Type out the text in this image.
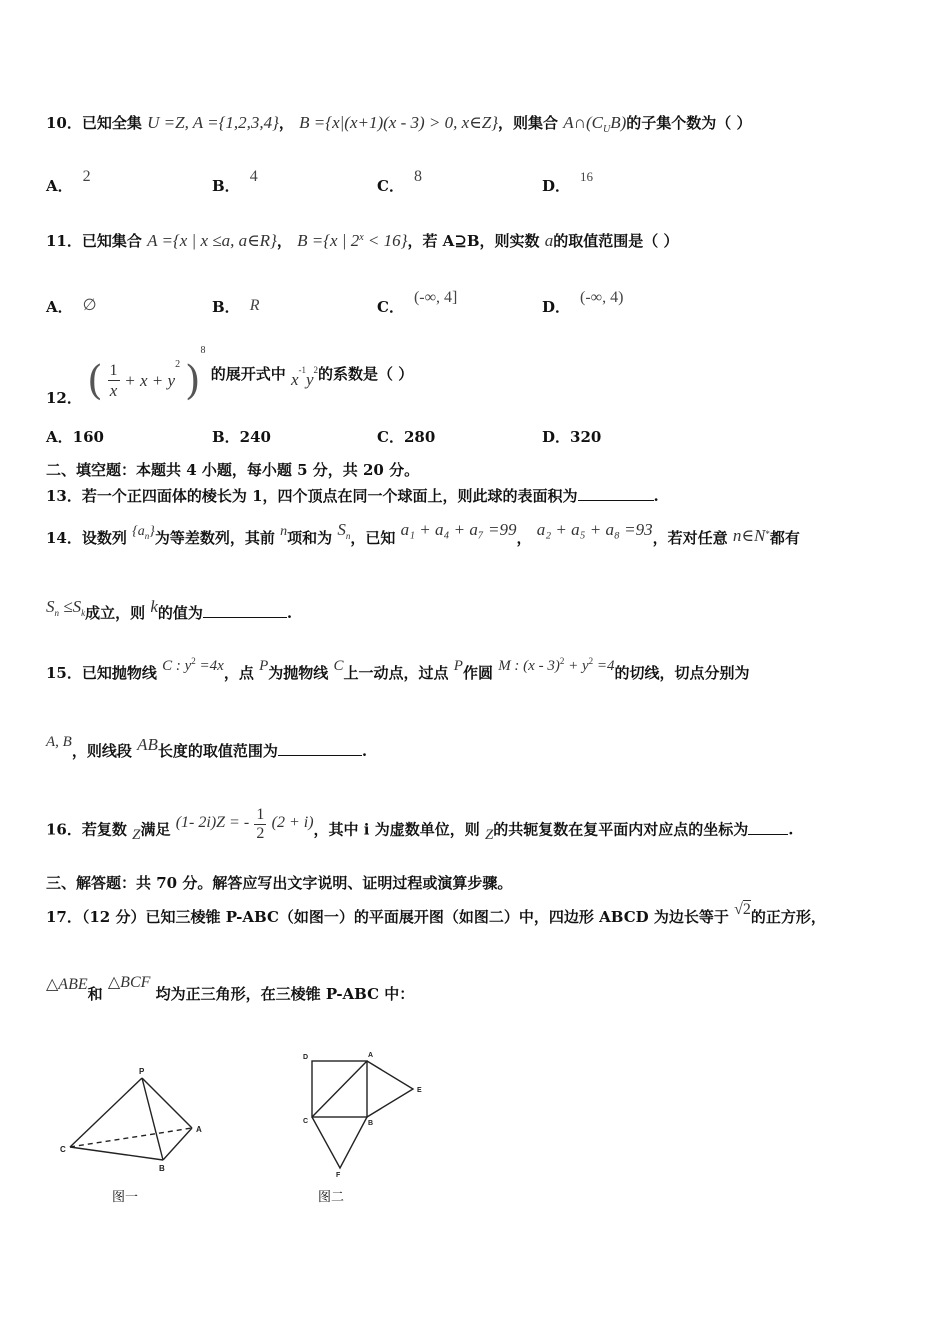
10．已知全集 U =Z, A ={1,2,3,4}， B ={x|(x+1)(x - 3) > 0, x∈Z}，则集合 $A\cap(C_UB)$的子集个数为（ ）
A．2
B．4
C．8
D．16
11．已知集合 A ={x | x ≤a, a∈R}， B ={x | $2^x < 16$}，若 A⊇B，则实数 a的取值范围是（ ）
A． ∅	B． R	C．(-∞, 4]
D．(-∞, 4)
12． ( $\frac{1}{x} + x + y^2$ )$^8$ 的展开式中 $x^{-1}y^2$的系数是（ ）
A．160	B．240	C．280	D．320
二、填空题：本题共 4 小题，每小题 5 分，共 20 分。
13．若一个正四面体的棱长为 1，四个顶点在同一个球面上，则此球的表面积为	.
14．设数列 $\{a_n\}$为等差数列，其前 n项和为 $S_n$，已知 a₁ + a₄ + a₇ =99， a₂ + a₅ + a₈ =93，若对任意 n∈N*都有
$S_n \le S_k$成立，则 k的值为	.
15．已知抛物线 C : $y^2 =4x$，点 P为抛物线 C上一动点，过点 P作圆 M : $(x - 3)^2 + y^2 =4$的切线，切点分别为
A, B，则线段 AB长度的取值范围为	.
16．若复数 Z满足 (1- 2i)Z = - $\frac{1}{2} (2 + i)$，其中 i 为虚数单位，则 Z的共轭复数在复平面内对应点的坐标为	.
三、解答题：共 70 分。解答应写出文字说明、证明过程或演算步骤。
17．（12 分）已知三棱锥 P-ABC（如图一）的平面展开图（如图二）中，四边形 ABCD 为边长等于 √2的正方形，
△ABE和 △BCF 均为正三角形，在三棱锥 P-ABC 中：
P
A
B
C
图一
D	A
E
C	B
F
图二
